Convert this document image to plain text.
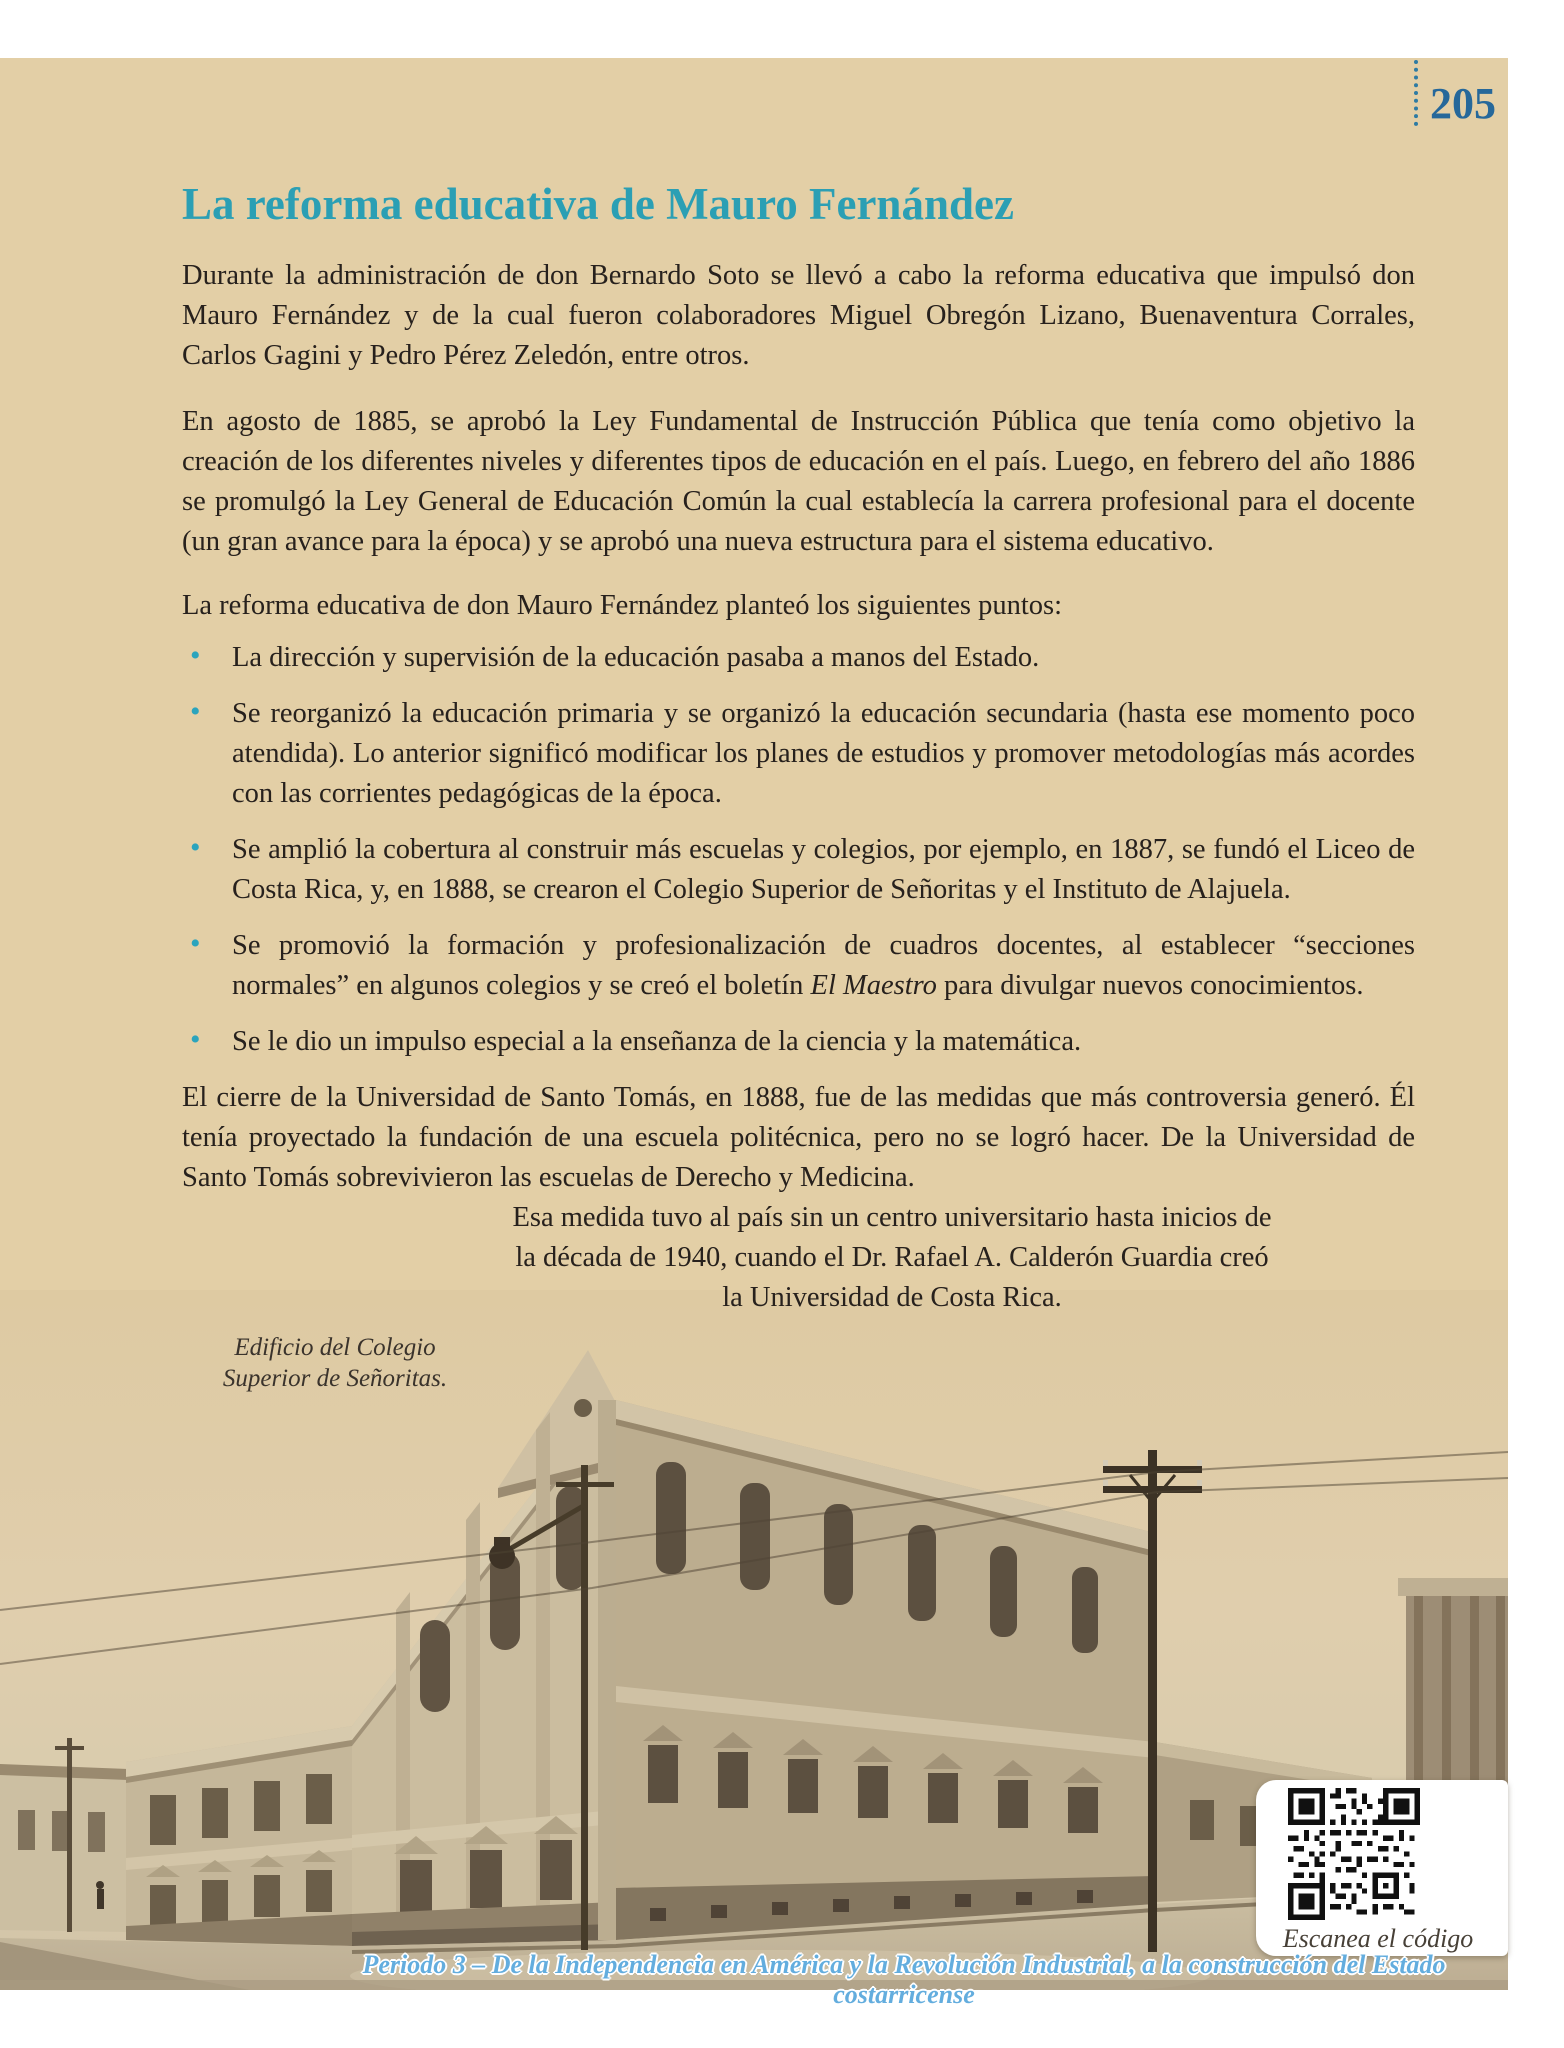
205
La reforma educativa de Mauro Fernández

Durante la administración de don Bernardo Soto se llevó a cabo la reforma educativa que impulsó don Mauro Fernández y de la cual fueron colaboradores Miguel Obregón Lizano, Buenaventura Corrales, Carlos Gagini y Pedro Pérez Zeledón, entre otros.

En agosto de 1885, se aprobó la Ley Fundamental de Instrucción Pública que tenía como objetivo la creación de los diferentes niveles y diferentes tipos de educación en el país. Luego, en febrero del año 1886 se promulgó la Ley General de Educación Común la cual establecía la carrera profesional para el docente (un gran avance para la época) y se aprobó una nueva estructura para el sistema educativo.

La reforma educativa de don Mauro Fernández planteó los siguientes puntos:

• La dirección y supervisión de la educación pasaba a manos del Estado.
• Se reorganizó la educación primaria y se organizó la educación secundaria (hasta ese momento poco atendida). Lo anterior significó modificar los planes de estudios y promover metodologías más acordes con las corrientes pedagógicas de la época.
• Se amplió la cobertura al construir más escuelas y colegios, por ejemplo, en 1887, se fundó el Liceo de Costa Rica, y, en 1888, se crearon el Colegio Superior de Señoritas y el Instituto de Alajuela.
• Se promovió la formación y profesionalización de cuadros docentes, al establecer “secciones normales” en algunos colegios y se creó el boletín El Maestro para divulgar nuevos conocimientos.
• Se le dio un impulso especial a la enseñanza de la ciencia y la matemática.

El cierre de la Universidad de Santo Tomás, en 1888, fue de las medidas que más controversia generó. Él tenía proyectado la fundación de una escuela politécnica, pero no se logró hacer. De la Universidad de Santo Tomás sobrevivieron las escuelas de Derecho y Medicina.

Esa medida tuvo al país sin un centro universitario hasta inicios de la década de 1940, cuando el Dr. Rafael A. Calderón Guardia creó la Universidad de Costa Rica.
Edificio del Colegio
Superior de Señoritas.
Escanea el código
Periodo 3 – De la Independencia en América y la Revolución Industrial, a la construcción del Estado costarricense
